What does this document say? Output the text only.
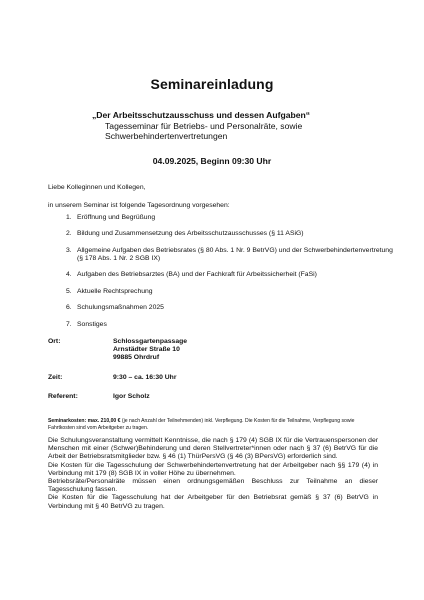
Seminareinladung
„Der Arbeitsschutzausschuss und dessen Aufgaben“
Tagesseminar für Betriebs- und Personalräte, sowie
Schwerbehindertenvertretungen
04.09.2025, Beginn 09:30 Uhr
Liebe Kolleginnen und Kollegen,
in unserem Seminar ist folgende Tagesordnung vorgesehen:
1. Eröffnung und Begrüßung
2. Bildung und Zusammensetzung des Arbeitsschutzausschusses (§ 11 ASiG)
3. Allgemeine Aufgaben des Betriebsrates (§ 80 Abs. 1 Nr. 9 BetrVG) und der Schwerbehindertenvertretung (§ 178 Abs. 1 Nr. 2 SGB IX)
4. Aufgaben des Betriebsarztes (BA) und der Fachkraft für Arbeitssicherheit (FaSi)
5. Aktuelle Rechtsprechung
6. Schulungsmaßnahmen 2025
7. Sonstiges
Ort:	Schlossgartenpassage
Arnstädter Straße 10
99885 Ohrdruf
Zeit:	9:30 – ca. 16:30 Uhr
Referent:	Igor Scholz
Seminarkosten: max. 210,00 € (je nach Anzahl der Teilnehmenden) inkl. Verpflegung. Die Kosten für die Teilnahme, Verpflegung sowie Fahrtkosten sind vom Arbeitgeber zu tragen.

Die Schulungsveranstaltung vermittelt Kenntnisse, die nach § 179 (4) SGB IX für die Vertrauenspersonen der Menschen mit einer (Schwer)Behinderung und deren Stellvertreter*innen oder nach § 37 (6) BetrVG für die Arbeit der Betriebsratsmitglieder bzw. § 46 (1) ThürPersVG (§ 46 (3) BPersVG) erforderlich sind.

Die Kosten für die Tagesschulung der Schwerbehindertenvertretung hat der Arbeitgeber nach §§ 179 (4) in Verbindung mit 179 (8) SGB IX in voller Höhe zu übernehmen.

Betriebsräte/Personalräte müssen einen ordnungsgemäßen Beschluss zur Teilnahme an dieser Tagesschulung fassen.

Die Kosten für die Tagesschulung hat der Arbeitgeber für den Betriebsrat gemäß § 37 (6) BetrVG in Verbindung mit § 40 BetrVG zu tragen.
